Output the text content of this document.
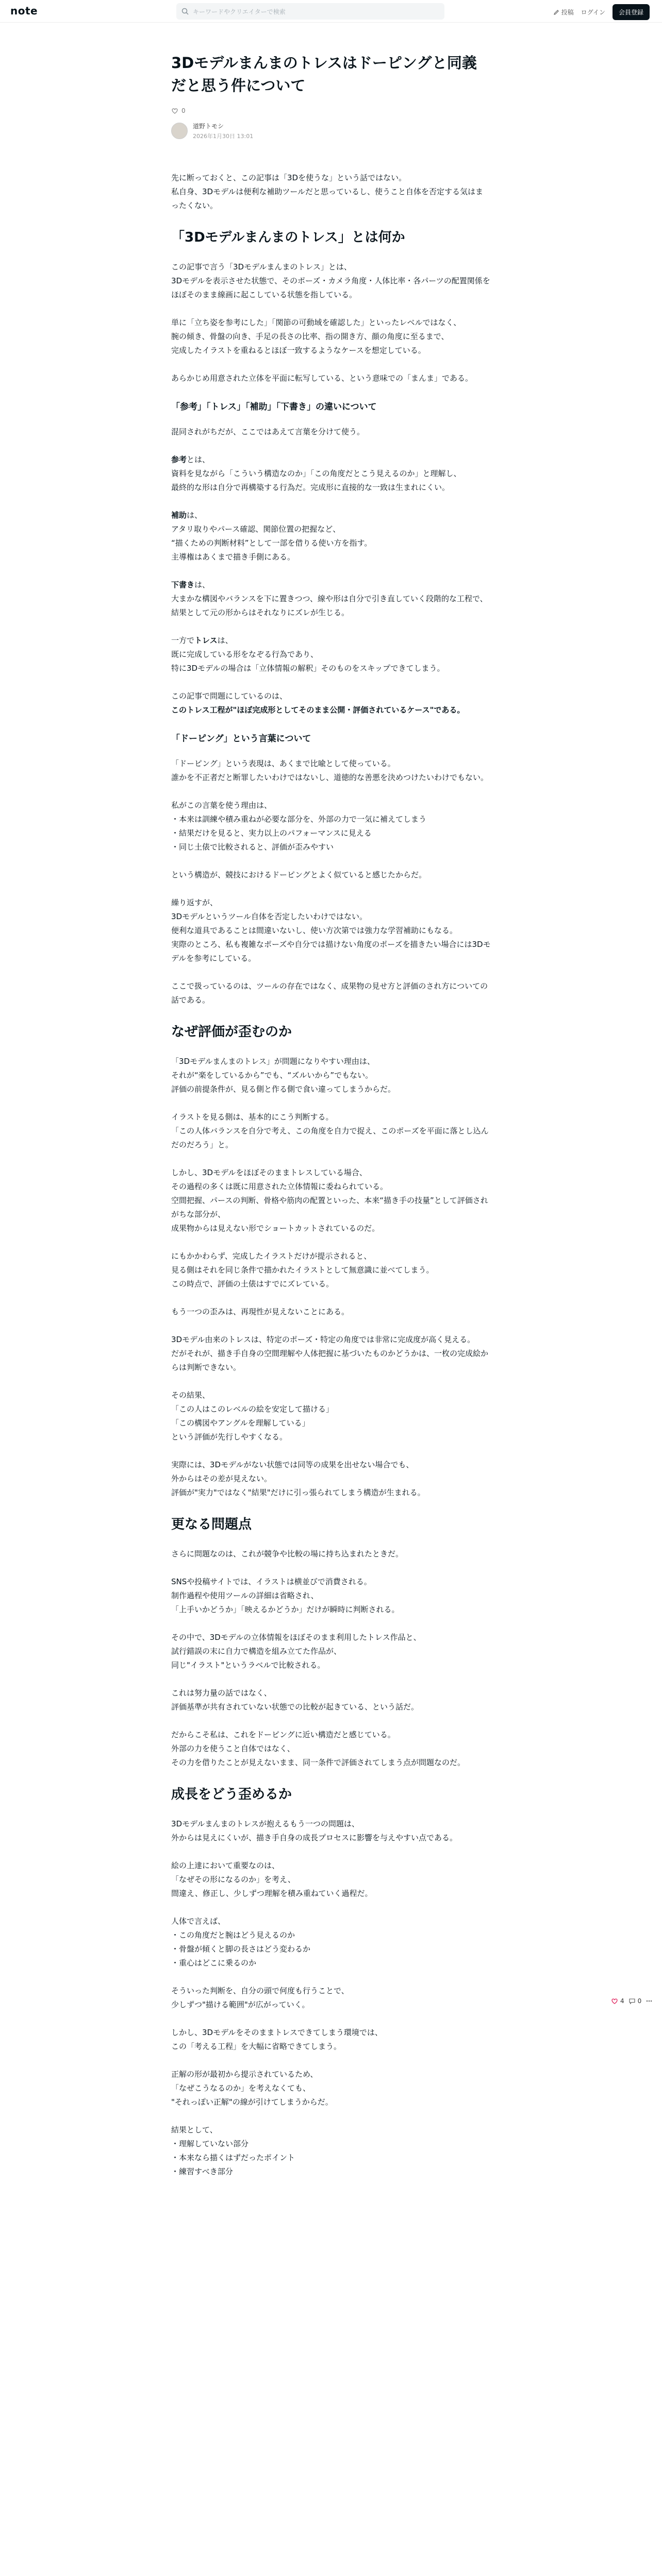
note	キーワードやクリエイターで検索	投稿 ログイン	会員登録
3Dモデルまんまのトレスはドーピングと同義だと思う件について
0
道野トモシ
2026年1月30日 13:01

先に断っておくと、この記事は「3Dを使うな」という話ではない。
私自身、3Dモデルは便利な補助ツールだと思っているし、使うこと自体を否定する気はまったくない。

「3Dモデルまんまのトレス」とは何か

この記事で言う「3Dモデルまんまのトレス」とは、
3Dモデルを表示させた状態で、そのポーズ・カメラ角度・人体比率・各パーツの配置関係をほぼそのまま線画に起こしている状態を指している。

単に「立ち姿を参考にした」「関節の可動域を確認した」といったレベルではなく、
腕の傾き、骨盤の向き、手足の長さの比率、指の開き方、顔の角度に至るまで、
完成したイラストを重ねるとほぼ一致するようなケースを想定している。

あらかじめ用意された立体を平面に転写している、という意味での「まんま」である。

「参考」「トレス」「補助」「下書き」の違いについて

混同されがちだが、ここではあえて言葉を分けて使う。

参考とは、
資料を見ながら「こういう構造なのか」「この角度だとこう見えるのか」と理解し、
最終的な形は自分で再構築する行為だ。完成形に直接的な一致は生まれにくい。

補助は、
アタリ取りやパース確認、関節位置の把握など、
“描くための判断材料”として一部を借りる使い方を指す。
主導権はあくまで描き手側にある。

下書きは、
大まかな構図やバランスを下に置きつつ、線や形は自分で引き直していく段階的な工程で、
結果として元の形からはそれなりにズレが生じる。

一方でトレスは、
既に完成している形をなぞる行為であり、
特に3Dモデルの場合は「立体情報の解釈」そのものをスキップできてしまう。

この記事で問題にしているのは、
このトレス工程が"ほぼ完成形としてそのまま公開・評価されているケース"である。

「ドーピング」という言葉について

「ドーピング」という表現は、あくまで比喩として使っている。
誰かを不正者だと断罪したいわけではないし、道徳的な善悪を決めつけたいわけでもない。

私がこの言葉を使う理由は、
・本来は訓練や積み重ねが必要な部分を、外部の力で一気に補えてしまう
・結果だけを見ると、実力以上のパフォーマンスに見える
・同じ土俵で比較されると、評価が歪みやすい

という構造が、競技におけるドーピングとよく似ていると感じたからだ。

繰り返すが、
3Dモデルというツール自体を否定したいわけではない。
便利な道具であることは間違いないし、使い方次第では強力な学習補助にもなる。
実際のところ、私も複雑なポーズや自分では描けない角度のポーズを描きたい場合には3Dモデルを参考にしている。

ここで扱っているのは、ツールの存在ではなく、成果物の見せ方と評価のされ方についての話である。

なぜ評価が歪むのか

「3Dモデルまんまのトレス」が問題になりやすい理由は、
それが“楽をしているから”でも、“ズルいから”でもない。
評価の前提条件が、見る側と作る側で食い違ってしまうからだ。

イラストを見る側は、基本的にこう判断する。
「この人体バランスを自分で考え、この角度を自力で捉え、このポーズを平面に落とし込んだのだろう」と。

しかし、3Dモデルをほぼそのままトレスしている場合、
その過程の多くは既に用意された立体情報に委ねられている。
空間把握、パースの判断、骨格や筋肉の配置といった、本来“描き手の技量”として評価されがちな部分が、
成果物からは見えない形でショートカットされているのだ。

にもかかわらず、完成したイラストだけが提示されると、
見る側はそれを同じ条件で描かれたイラストとして無意識に並べてしまう。
この時点で、評価の土俵はすでにズレている。

もう一つの歪みは、再現性が見えないことにある。

3Dモデル由来のトレスは、特定のポーズ・特定の角度では非常に完成度が高く見える。
だがそれが、描き手自身の空間理解や人体把握に基づいたものかどうかは、一枚の完成絵からは判断できない。

その結果、
「この人はこのレベルの絵を安定して描ける」
「この構図やアングルを理解している」
という評価が先行しやすくなる。

実際には、3Dモデルがない状態では同等の成果を出せない場合でも、
外からはその差が見えない。
評価が"実力"ではなく"結果"だけに引っ張られてしまう構造が生まれる。

更なる問題点

さらに問題なのは、これが競争や比較の場に持ち込まれたときだ。

SNSや投稿サイトでは、イラストは横並びで消費される。
制作過程や使用ツールの詳細は省略され、
「上手いかどうか」「映えるかどうか」だけが瞬時に判断される。

その中で、3Dモデルの立体情報をほぼそのまま利用したトレス作品と、
試行錯誤の末に自力で構造を組み立てた作品が、
同じ"イラスト"というラベルで比較される。

これは努力量の話ではなく、
評価基準が共有されていない状態での比較が起きている、という話だ。

だからこそ私は、これをドーピングに近い構造だと感じている。
外部の力を使うこと自体ではなく、
その力を借りたことが見えないまま、同一条件で評価されてしまう点が問題なのだ。

成長をどう歪めるか

3Dモデルまんまのトレスが抱えるもう一つの問題は、
外からは見えにくいが、描き手自身の成長プロセスに影響を与えやすい点である。

絵の上達において重要なのは、
「なぜその形になるのか」を考え、
間違え、修正し、少しずつ理解を積み重ねていく過程だ。

人体で言えば、
・この角度だと腕はどう見えるのか
・骨盤が傾くと脚の長さはどう変わるか
・重心はどこに乗るのか

そういった判断を、自分の頭で何度も行うことで、
少しずつ"描ける範囲"が広がっていく。

しかし、3Dモデルをそのままトレスできてしまう環境では、
この「考える工程」を大幅に省略できてしまう。

正解の形が最初から提示されているため、
「なぜこうなるのか」を考えなくても、
"それっぽい正解"の線が引けてしまうからだ。

結果として、
・理解していない部分
・本来なら描くはずだったポイント
・練習すべき部分

4 0
